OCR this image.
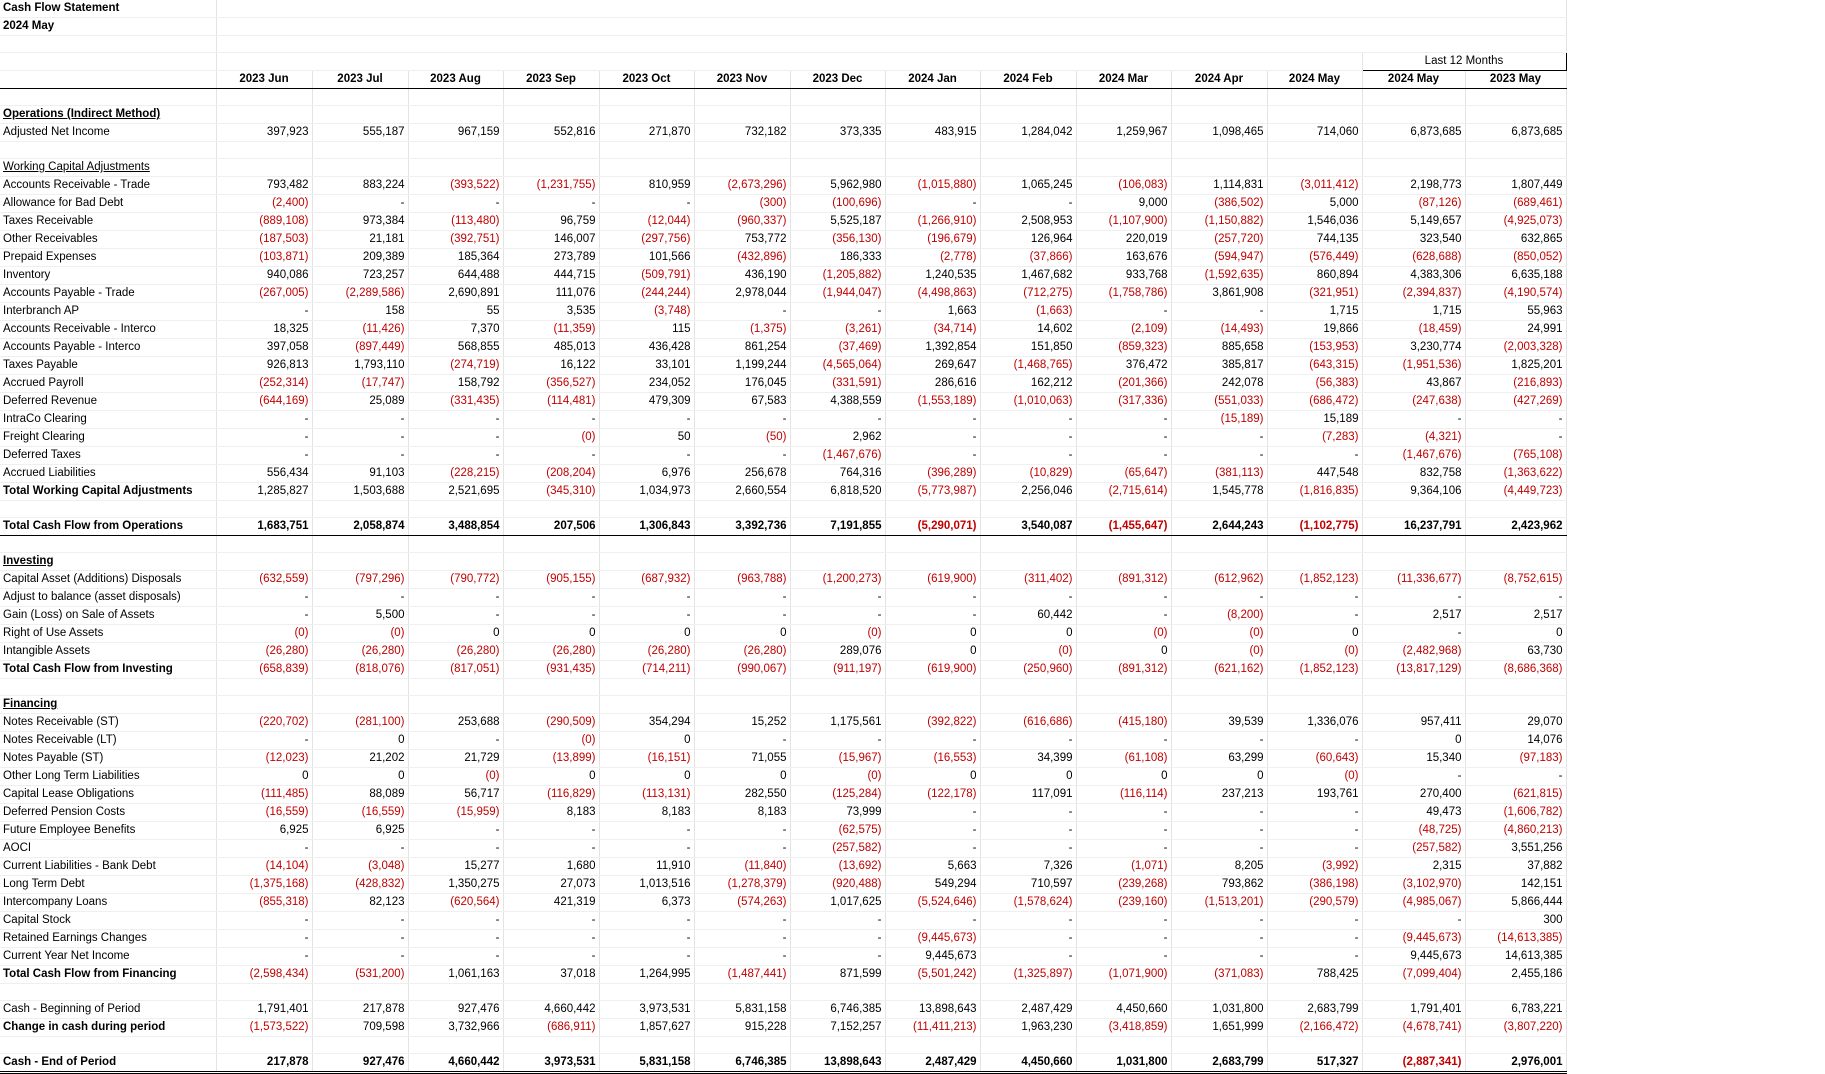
Cash Flow Statement														
2024 May														

													Last 12 Months	
	2023 Jun	2023 Jul	2023 Aug	2023 Sep	2023 Oct	2023 Nov	2023 Dec	2024 Jan	2024 Feb	2024 Mar	2024 Apr	2024 May	2024 May	2023 May

Operations (Indirect Method)														
Adjusted Net Income	397,923	555,187	967,159	552,816	271,870	732,182	373,335	483,915	1,284,042	1,259,967	1,098,465	714,060	6,873,685	6,873,685

Working Capital Adjustments														
Accounts Receivable - Trade	793,482	883,224	(393,522)	(1,231,755)	810,959	(2,673,296)	5,962,980	(1,015,880)	1,065,245	(106,083)	1,114,831	(3,011,412)	2,198,773	1,807,449
Allowance for Bad Debt	(2,400)	-	-	-	-	(300)	(100,696)	-	-	9,000	(386,502)	5,000	(87,126)	(689,461)
Taxes Receivable	(889,108)	973,384	(113,480)	96,759	(12,044)	(960,337)	5,525,187	(1,266,910)	2,508,953	(1,107,900)	(1,150,882)	1,546,036	5,149,657	(4,925,073)
Other Receivables	(187,503)	21,181	(392,751)	146,007	(297,756)	753,772	(356,130)	(196,679)	126,964	220,019	(257,720)	744,135	323,540	632,865
Prepaid Expenses	(103,871)	209,389	185,364	273,789	101,566	(432,896)	186,333	(2,778)	(37,866)	163,676	(594,947)	(576,449)	(628,688)	(850,052)
Inventory	940,086	723,257	644,488	444,715	(509,791)	436,190	(1,205,882)	1,240,535	1,467,682	933,768	(1,592,635)	860,894	4,383,306	6,635,188
Accounts Payable - Trade	(267,005)	(2,289,586)	2,690,891	111,076	(244,244)	2,978,044	(1,944,047)	(4,498,863)	(712,275)	(1,758,786)	3,861,908	(321,951)	(2,394,837)	(4,190,574)
Interbranch AP	-	158	55	3,535	(3,748)	-	-	1,663	(1,663)	-	-	1,715	1,715	55,963
Accounts Receivable - Interco	18,325	(11,426)	7,370	(11,359)	115	(1,375)	(3,261)	(34,714)	14,602	(2,109)	(14,493)	19,866	(18,459)	24,991
Accounts Payable - Interco	397,058	(897,449)	568,855	485,013	436,428	861,254	(37,469)	1,392,854	151,850	(859,323)	885,658	(153,953)	3,230,774	(2,003,328)
Taxes Payable	926,813	1,793,110	(274,719)	16,122	33,101	1,199,244	(4,565,064)	269,647	(1,468,765)	376,472	385,817	(643,315)	(1,951,536)	1,825,201
Accrued Payroll	(252,314)	(17,747)	158,792	(356,527)	234,052	176,045	(331,591)	286,616	162,212	(201,366)	242,078	(56,383)	43,867	(216,893)
Deferred Revenue	(644,169)	25,089	(331,435)	(114,481)	479,309	67,583	4,388,559	(1,553,189)	(1,010,063)	(317,336)	(551,033)	(686,472)	(247,638)	(427,269)
IntraCo Clearing	-	-	-	-	-	-	-	-	-	-	(15,189)	15,189	-	-
Freight Clearing	-	-	-	(0)	50	(50)	2,962	-	-	-	-	(7,283)	(4,321)	-
Deferred Taxes	-	-	-	-	-	-	(1,467,676)	-	-	-	-	-	(1,467,676)	(765,108)
Accrued Liabilities	556,434	91,103	(228,215)	(208,204)	6,976	256,678	764,316	(396,289)	(10,829)	(65,647)	(381,113)	447,548	832,758	(1,363,622)
Total Working Capital Adjustments	1,285,827	1,503,688	2,521,695	(345,310)	1,034,973	2,660,554	6,818,520	(5,773,987)	2,256,046	(2,715,614)	1,545,778	(1,816,835)	9,364,106	(4,449,723)

Total Cash Flow from Operations	1,683,751	2,058,874	3,488,854	207,506	1,306,843	3,392,736	7,191,855	(5,290,071)	3,540,087	(1,455,647)	2,644,243	(1,102,775)	16,237,791	2,423,962

Investing														
Capital Asset (Additions) Disposals	(632,559)	(797,296)	(790,772)	(905,155)	(687,932)	(963,788)	(1,200,273)	(619,900)	(311,402)	(891,312)	(612,962)	(1,852,123)	(11,336,677)	(8,752,615)
Adjust to balance (asset disposals)	-	-	-	-	-	-	-	-	-	-	-	-	-	-
Gain (Loss) on Sale of Assets	-	5,500	-	-	-	-	-	-	60,442	-	(8,200)	-	2,517	2,517
Right of Use Assets	(0)	(0)	0	0	0	0	(0)	0	0	(0)	(0)	0	-	0
Intangible Assets	(26,280)	(26,280)	(26,280)	(26,280)	(26,280)	(26,280)	289,076	0	(0)	0	(0)	(0)	(2,482,968)	63,730
Total Cash Flow from Investing	(658,839)	(818,076)	(817,051)	(931,435)	(714,211)	(990,067)	(911,197)	(619,900)	(250,960)	(891,312)	(621,162)	(1,852,123)	(13,817,129)	(8,686,368)

Financing														
Notes Receivable (ST)	(220,702)	(281,100)	253,688	(290,509)	354,294	15,252	1,175,561	(392,822)	(616,686)	(415,180)	39,539	1,336,076	957,411	29,070
Notes Receivable (LT)	-	0	-	(0)	0	-	-	-	-	-	-	-	0	14,076
Notes Payable (ST)	(12,023)	21,202	21,729	(13,899)	(16,151)	71,055	(15,967)	(16,553)	34,399	(61,108)	63,299	(60,643)	15,340	(97,183)
Other Long Term Liabilities	0	0	(0)	0	0	0	(0)	0	0	0	0	(0)	-	-
Capital Lease Obligations	(111,485)	88,089	56,717	(116,829)	(113,131)	282,550	(125,284)	(122,178)	117,091	(116,114)	237,213	193,761	270,400	(621,815)
Deferred Pension Costs	(16,559)	(16,559)	(15,959)	8,183	8,183	8,183	73,999	-	-	-	-	-	49,473	(1,606,782)
Future Employee Benefits	6,925	6,925	-	-	-	-	(62,575)	-	-	-	-	-	(48,725)	(4,860,213)
AOCI	-	-	-	-	-	-	(257,582)	-	-	-	-	-	(257,582)	3,551,256
Current Liabilities - Bank Debt	(14,104)	(3,048)	15,277	1,680	11,910	(11,840)	(13,692)	5,663	7,326	(1,071)	8,205	(3,992)	2,315	37,882
Long Term Debt	(1,375,168)	(428,832)	1,350,275	27,073	1,013,516	(1,278,379)	(920,488)	549,294	710,597	(239,268)	793,862	(386,198)	(3,102,970)	142,151
Intercompany Loans	(855,318)	82,123	(620,564)	421,319	6,373	(574,263)	1,017,625	(5,524,646)	(1,578,624)	(239,160)	(1,513,201)	(290,579)	(4,985,067)	5,866,444
Capital Stock	-	-	-	-	-	-	-	-	-	-	-	-	-	300
Retained Earnings Changes	-	-	-	-	-	-	-	(9,445,673)	-	-	-	-	(9,445,673)	(14,613,385)
Current Year Net Income	-	-	-	-	-	-	-	9,445,673	-	-	-	-	9,445,673	14,613,385
Total Cash Flow from Financing	(2,598,434)	(531,200)	1,061,163	37,018	1,264,995	(1,487,441)	871,599	(5,501,242)	(1,325,897)	(1,071,900)	(371,083)	788,425	(7,099,404)	2,455,186

Cash - Beginning of Period	1,791,401	217,878	927,476	4,660,442	3,973,531	5,831,158	6,746,385	13,898,643	2,487,429	4,450,660	1,031,800	2,683,799	1,791,401	6,783,221
Change in cash during period	(1,573,522)	709,598	3,732,966	(686,911)	1,857,627	915,228	7,152,257	(11,411,213)	1,963,230	(3,418,859)	1,651,999	(2,166,472)	(4,678,741)	(3,807,220)

Cash - End of Period	217,878	927,476	4,660,442	3,973,531	5,831,158	6,746,385	13,898,643	2,487,429	4,450,660	1,031,800	2,683,799	517,327	(2,887,341)	2,976,001
